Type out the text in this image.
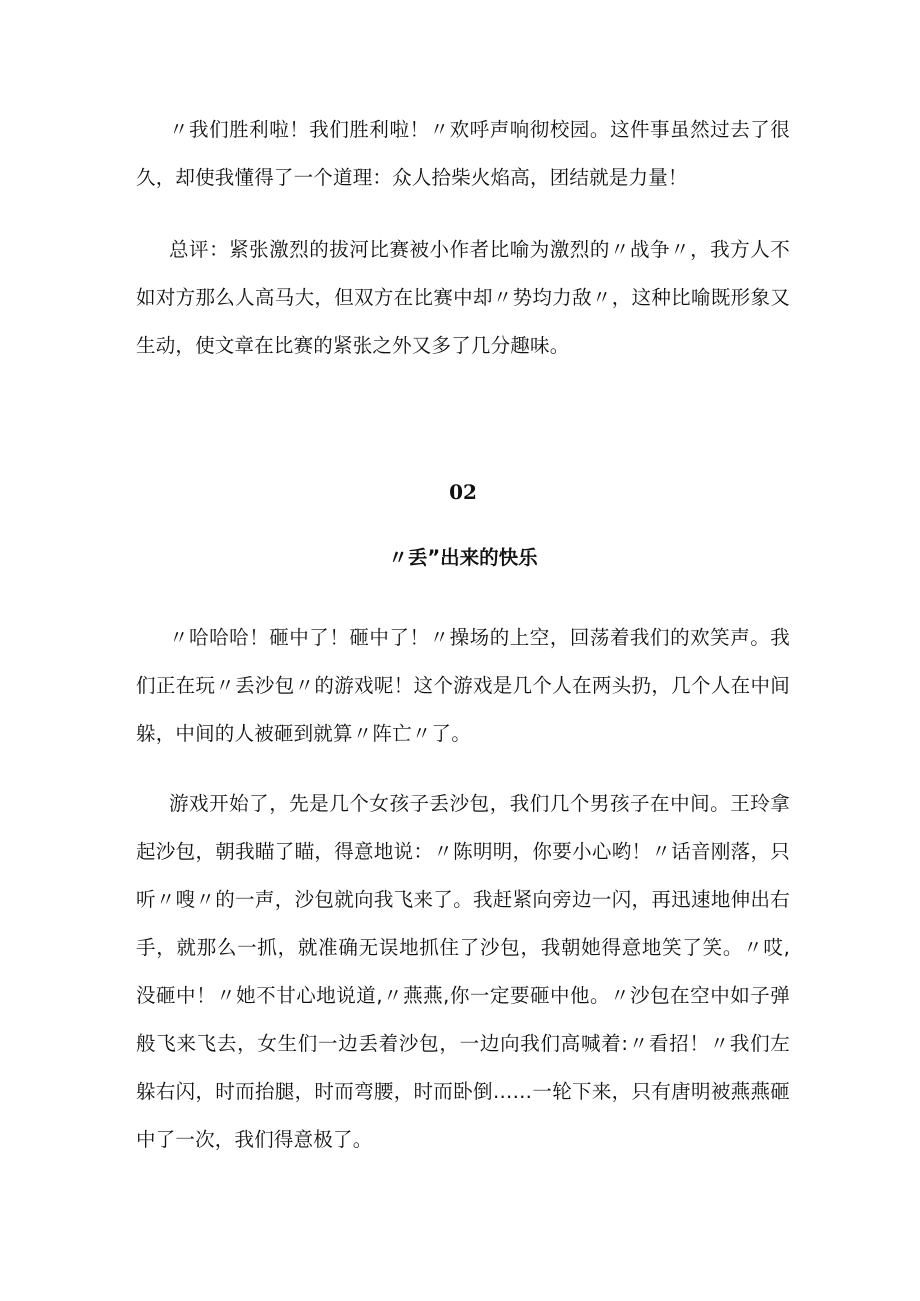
〃我们胜利啦！我们胜利啦！〃欢呼声响彻校园。这件事虽然过去了很久，却使我懂得了一个道理：众人拾柴火焰高，团结就是力量！

总评：紧张激烈的拔河比赛被小作者比喻为激烈的〃战争〃，我方人不如对方那么人高马大，但双方在比赛中却〃势均力敌〃，这种比喻既形象又生动，使文章在比赛的紧张之外又多了几分趣味。

02
〃丢”出来的快乐

〃哈哈哈！砸中了！砸中了！〃操场的上空，回荡着我们的欢笑声。我们正在玩〃丢沙包〃的游戏呢！这个游戏是几个人在两头扔，几个人在中间躲，中间的人被砸到就算〃阵亡〃了。

游戏开始了，先是几个女孩子丢沙包，我们几个男孩子在中间。王玲拿起沙包，朝我瞄了瞄，得意地说：〃陈明明，你要小心哟！〃话音刚落，只听〃嗖〃的一声，沙包就向我飞来了。我赶紧向旁边一闪，再迅速地伸出右手，就那么一抓，就准确无误地抓住了沙包，我朝她得意地笑了笑。〃哎,没砸中！〃她不甘心地说道,〃燕燕,你一定要砸中他。〃沙包在空中如子弹般飞来飞去，女生们一边丢着沙包，一边向我们高喊着:〃看招！〃我们左躲右闪，时而抬腿，时而弯腰，时而卧倒……一轮下来，只有唐明被燕燕砸中了一次，我们得意极了。
